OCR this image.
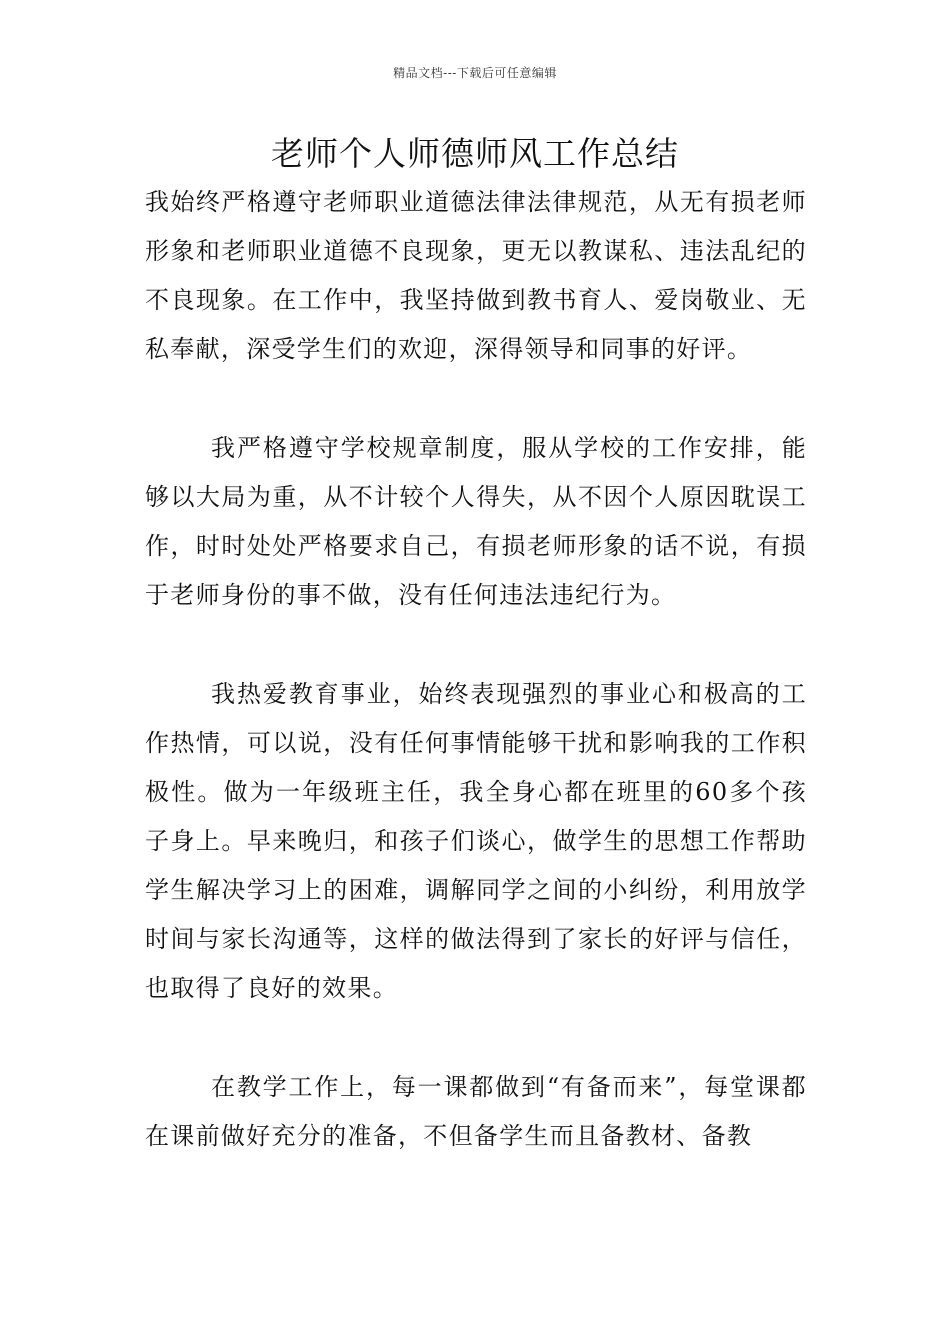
精品文档---下载后可任意编辑
老师个人师德师风工作总结

我始终严格遵守老师职业道德法律法律规范，从无有损老师形象和老师职业道德不良现象，更无以教谋私、违法乱纪的不良现象。在工作中，我坚持做到教书育人、爱岗敬业、无私奉献，深受学生们的欢迎，深得领导和同事的好评。

我严格遵守学校规章制度，服从学校的工作安排，能够以大局为重，从不计较个人得失，从不因个人原因耽误工作，时时处处严格要求自己，有损老师形象的话不说，有损于老师身份的事不做，没有任何违法违纪行为。

我热爱教育事业，始终表现强烈的事业心和极高的工作热情，可以说，没有任何事情能够干扰和影响我的工作积极性。做为一年级班主任，我全身心都在班里的60多个孩子身上。早来晚归，和孩子们谈心，做学生的思想工作帮助学生解决学习上的困难，调解同学之间的小纠纷，利用放学时间与家长沟通等，这样的做法得到了家长的好评与信任，也取得了良好的效果。

在教学工作上，每一课都做到“有备而来”，每堂课都在课前做好充分的准备，不但备学生而且备教材、备教
